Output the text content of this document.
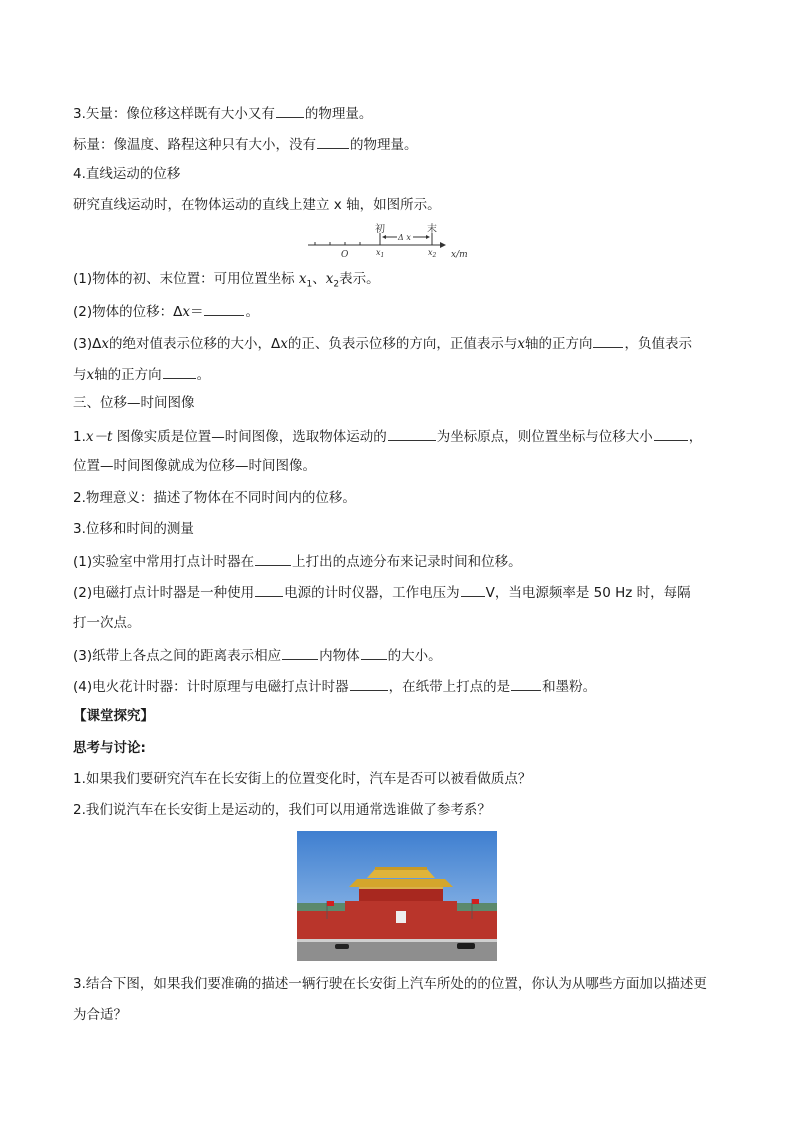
3.矢量：像位移这样既有大小又有 的物理量。
标量：像温度、路程这种只有大小，没有	的物理量。
4.直线运动的位移
研究直线运动时，在物体运动的直线上建立 x 轴，如图所示。
初	末
Δ x
O	$x_1$	$x_2$ x/m
(1)物体的初、末位置：可用位置坐标 $x_1$、$x_2$表示。
(2)物体的位移：Δx＝	。
(3)Δx的绝对值表示位移的大小，Δx的正、负表示位移的方向，正值表示与x轴的正方向 ，负值表示
与x轴的正方向	。
三、位移—时间图像
1.x－t 图像实质是位置—时间图像，选取物体运动的	为坐标原点，则位置坐标与位移大小	，
位置—时间图像就成为位移—时间图像。
2.物理意义：描述了物体在不同时间内的位移。
3.位移和时间的测量
(1)实验室中常用打点计时器在	上打出的点迹分布来记录时间和位移。
(2)电磁打点计时器是一种使用 电源的计时仪器，工作电压为 V，当电源频率是 50 Hz 时，每隔
打一次点。
(3)纸带上各点之间的距离表示相应	内物体 的大小。
(4)电火花计时器：计时原理与电磁打点计时器	，在纸带上打点的是 和墨粉。
【课堂探究】
思考与讨论:
1.如果我们要研究汽车在长安街上的位置变化时，汽车是否可以被看做质点？
2.我们说汽车在长安街上是运动的，我们可以用通常选谁做了参考系？
3.结合下图，如果我们要准确的描述一辆行驶在长安街上汽车所处的的位置，你认为从哪些方面加以描述更
为合适？
